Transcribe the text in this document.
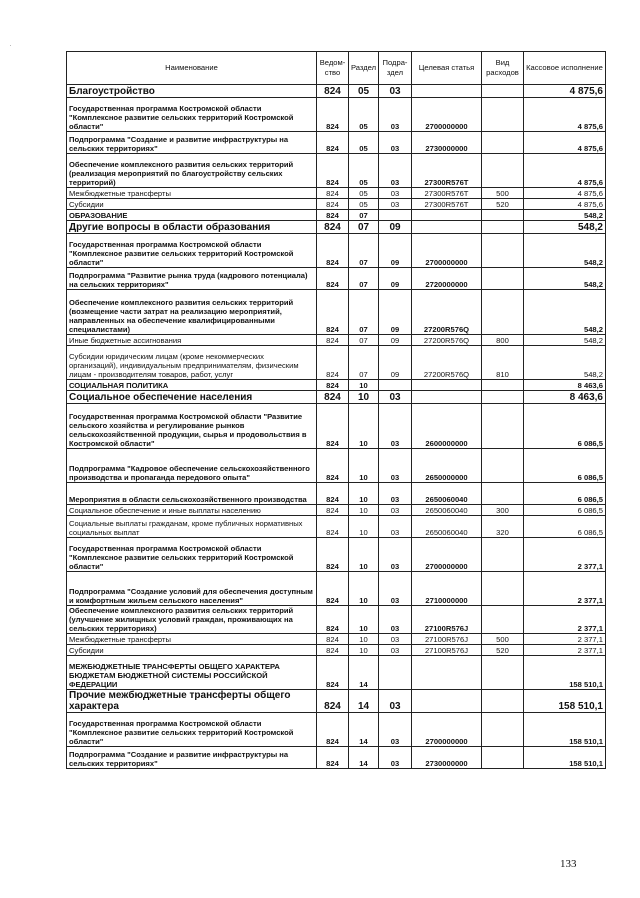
Наименование	Ведом-ство	Раздел	Подра-здел	Целевая статья	Вид расходов	Кассовое исполнение
Благоустройство	824	05	03			4 875,6
Государственная программа Костромской области "Комплексное развитие сельских территорий Костромской области"	824	05	03	2700000000		4 875,6
Подпрограмма "Создание и развитие инфраструктуры на сельских территориях"	824	05	03	2730000000		4 875,6
Обеспечение комплексного развития сельских территорий (реализация мероприятий по благоустройству сельских территорий)	824	05	03	27300R576T		4 875,6
Межбюджетные трансферты	824	05	03	27300R576T	500	4 875,6
Субсидии	824	05	03	27300R576T	520	4 875,6
ОБРАЗОВАНИЕ	824	07				548,2
Другие вопросы в области образования	824	07	09			548,2
Государственная программа Костромской области "Комплексное развитие сельских территорий Костромской области"	824	07	09	2700000000		548,2
Подпрограмма "Развитие рынка труда (кадрового потенциала) на сельских территориях"	824	07	09	2720000000		548,2
Обеспечение комплексного развития сельских территорий (возмещение части затрат на реализацию мероприятий, направленных на обеспечение квалифицированными специалистами)	824	07	09	27200R576Q		548,2
Иные бюджетные ассигнования	824	07	09	27200R576Q	800	548,2
Субсидии юридическим лицам (кроме некоммерческих организаций), индивидуальным предпринимателям, физическим лицам - производителям товаров, работ, услуг	824	07	09	27200R576Q	810	548,2
СОЦИАЛЬНАЯ ПОЛИТИКА	824	10				8 463,6
Социальное обеспечение населения	824	10	03			8 463,6
Государственная программа Костромской области "Развитие сельского хозяйства и регулирование рынков сельскохозяйственной продукции, сырья и продовольствия в Костромской области"	824	10	03	2600000000		6 086,5
Подпрограмма "Кадровое обеспечение сельскохозяйственного производства и пропаганда передового опыта"	824	10	03	2650000000		6 086,5
Мероприятия в области сельскохозяйственного производства	824	10	03	2650060040		6 086,5
Социальное обеспечение и иные выплаты населению	824	10	03	2650060040	300	6 086,5
Социальные выплаты гражданам, кроме публичных нормативных социальных выплат	824	10	03	2650060040	320	6 086,5
Государственная программа Костромской области "Комплексное развитие сельских территорий Костромской области"	824	10	03	2700000000		2 377,1
Подпрограмма "Создание условий для обеспечения доступным и комфортным жильем сельского населения"	824	10	03	2710000000		2 377,1
Обеспечение комплексного развития сельских территорий (улучшение жилищных условий граждан, проживающих на сельских территориях)	824	10	03	27100R576J		2 377,1
Межбюджетные трансферты	824	10	03	27100R576J	500	2 377,1
Субсидии	824	10	03	27100R576J	520	2 377,1
МЕЖБЮДЖЕТНЫЕ ТРАНСФЕРТЫ ОБЩЕГО ХАРАКТЕРА БЮДЖЕТАМ БЮДЖЕТНОЙ СИСТЕМЫ РОССИЙСКОЙ ФЕДЕРАЦИИ	824	14				158 510,1
Прочие межбюджетные трансферты общего характера	824	14	03			158 510,1
Государственная программа Костромской области "Комплексное развитие сельских территорий Костромской области"	824	14	03	2700000000		158 510,1
Подпрограмма "Создание и развитие инфраструктуры на сельских территориях"	824	14	03	2730000000		158 510,1
133
